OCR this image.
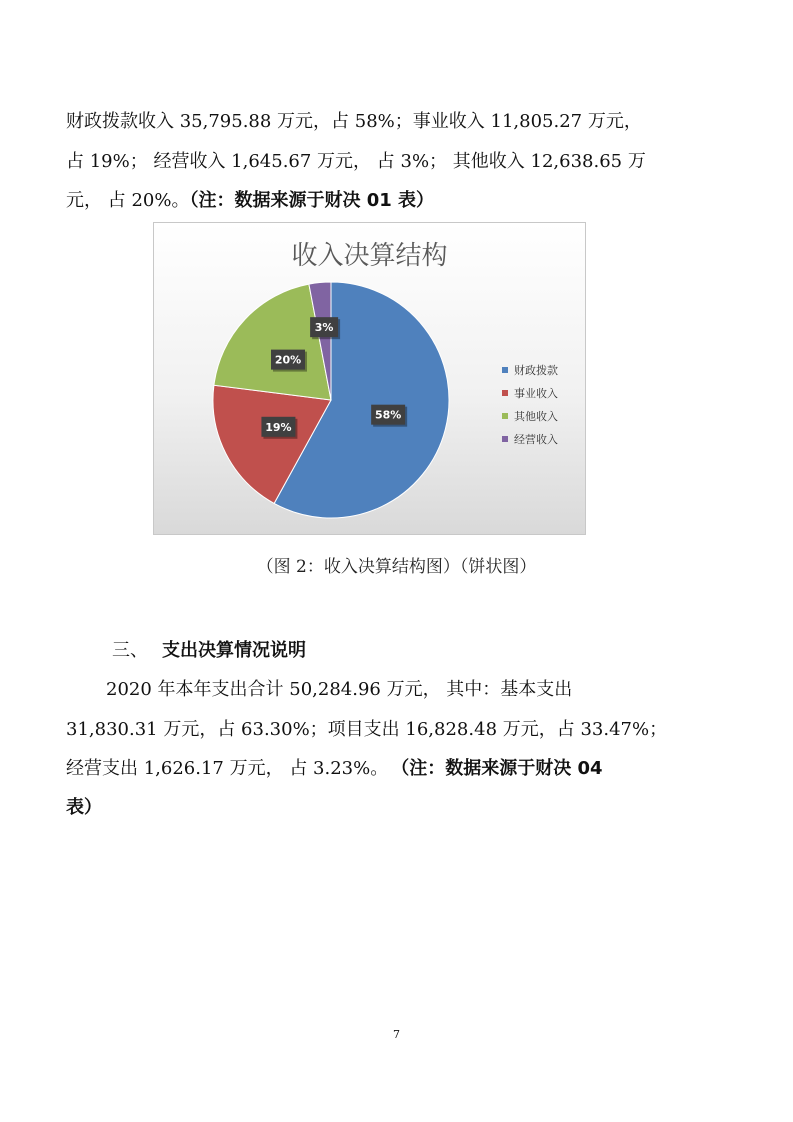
财政拨款收入 35,795.88 万元，占 58%；事业收入 11,805.27 万元，
占 19%； 经营收入 1,645.67 万元， 占 3%； 其他收入 12,638.65 万
元， 占 20%。（注：数据来源于财决 01 表）
收入决算结构
58%
19%
20%
3%
财政拨款
事业收入
其他收入
经营收入
（图 2：收入决算结构图）（饼状图）
三、 支出决算情况说明
2020 年本年支出合计 50,284.96 万元， 其中：基本支出
31,830.31 万元，占 63.30%；项目支出 16,828.48 万元，占 33.47%；
经营支出 1,626.17 万元， 占 3.23%。 （注：数据来源于财决 04
表）
7
